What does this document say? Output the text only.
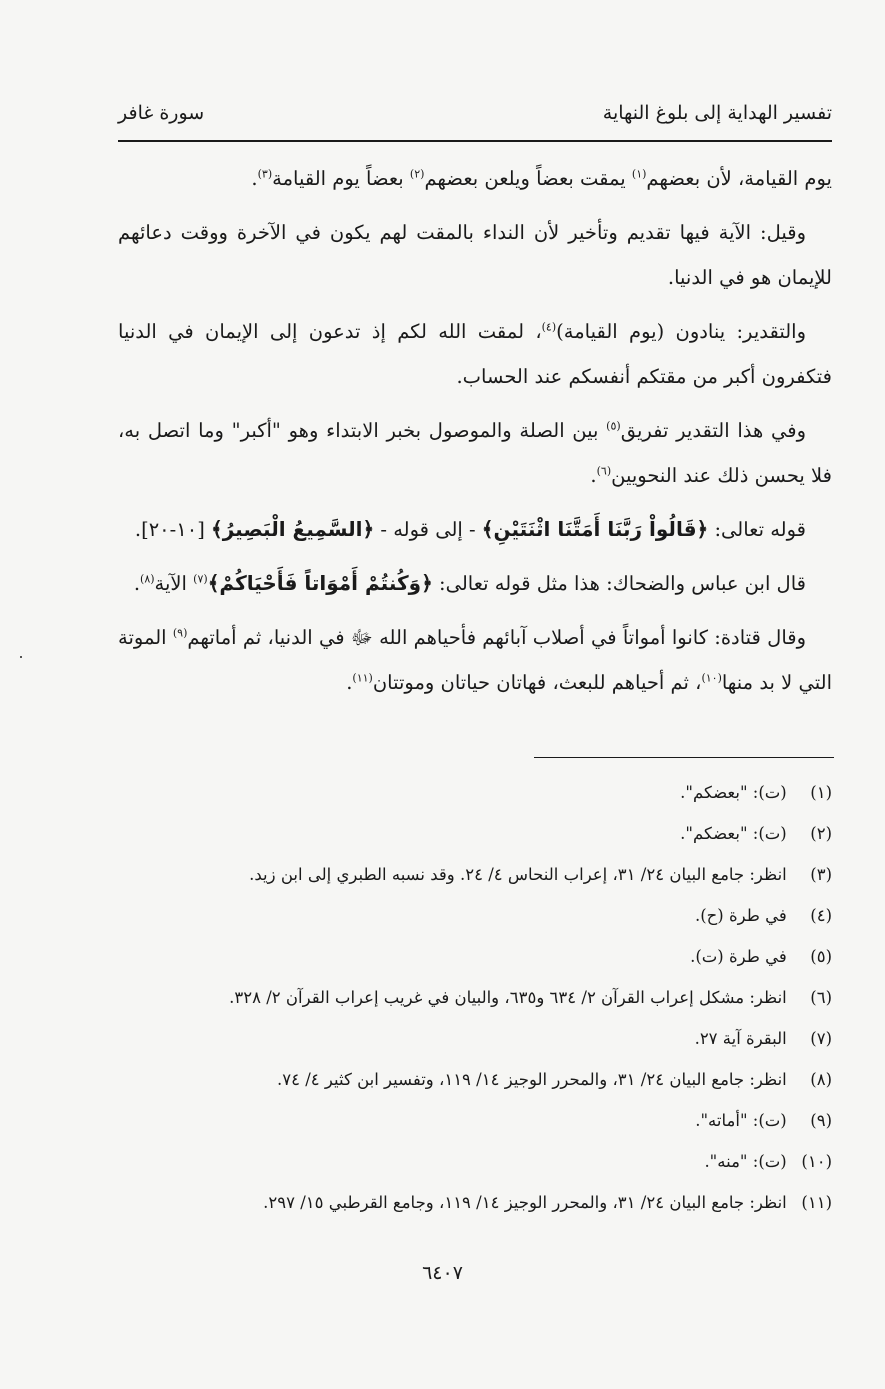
تفسير الهداية إلى بلوغ النهاية
سورة غافر

يوم القيامة، لأن بعضهم$^{(١)}$ يمقت بعضاً ويلعن بعضهم$^{(٢)}$ بعضاً يوم القيامة$^{(٣)}$.

وقيل: الآية فيها تقديم وتأخير لأن النداء بالمقت لهم يكون في الآخرة ووقت دعائهم للإيمان هو في الدنيا.

والتقدير: ينادون (يوم القيامة)$^{(٤)}$، لمقت الله لكم إذ تدعون إلى الإيمان في الدنيا فتكفرون أكبر من مقتكم أنفسكم عند الحساب.

وفي هذا التقدير تفريق$^{(٥)}$ بين الصلة والموصول بخبر الابتداء وهو "أكبر" وما اتصل به، فلا يحسن ذلك عند النحويين$^{(٦)}$.

قوله تعالى: ﴿قَالُواْ رَبَّنَا أَمَتَّنَا اثْنَتَيْنِ﴾ - إلى قوله - ﴿السَّمِيعُ الْبَصِيرُ﴾ [١٠-٢٠].

قال ابن عباس والضحاك: هذا مثل قوله تعالى: ﴿وَكُنتُمْ أَمْوَاتاً فَأَحْيَاكُمْ﴾$^{(٧)}$ الآية$^{(٨)}$.

وقال قتادة: كانوا أمواتاً في أصلاب آبائهم فأحياهم الله ﷻ في الدنيا، ثم أماتهم$^{(٩)}$ الموتة التي لا بد منها$^{(١٠)}$، ثم أحياهم للبعث، فهاتان حياتان وموتتان$^{(١١)}$.

(١) (ت): "بعضكم".
(٢) (ت): "بعضكم".
(٣) انظر: جامع البيان ٢٤/ ٣١، إعراب النحاس ٤/ ٢٤. وقد نسبه الطبري إلى ابن زيد.
(٤) في طرة (ح).
(٥) في طرة (ت).
(٦) انظر: مشكل إعراب القرآن ٢/ ٦٣٤ و٦٣٥، والبيان في غريب إعراب القرآن ٢/ ٣٢٨.
(٧) البقرة آية ٢٧.
(٨) انظر: جامع البيان ٢٤/ ٣١، والمحرر الوجيز ١٤/ ١١٩، وتفسير ابن كثير ٤/ ٧٤.
(٩) (ت): "أماته".
(١٠) (ت): "منه".
(١١) انظر: جامع البيان ٢٤/ ٣١، والمحرر الوجيز ١٤/ ١١٩، وجامع القرطبي ١٥/ ٢٩٧.
٦٤٠٧
